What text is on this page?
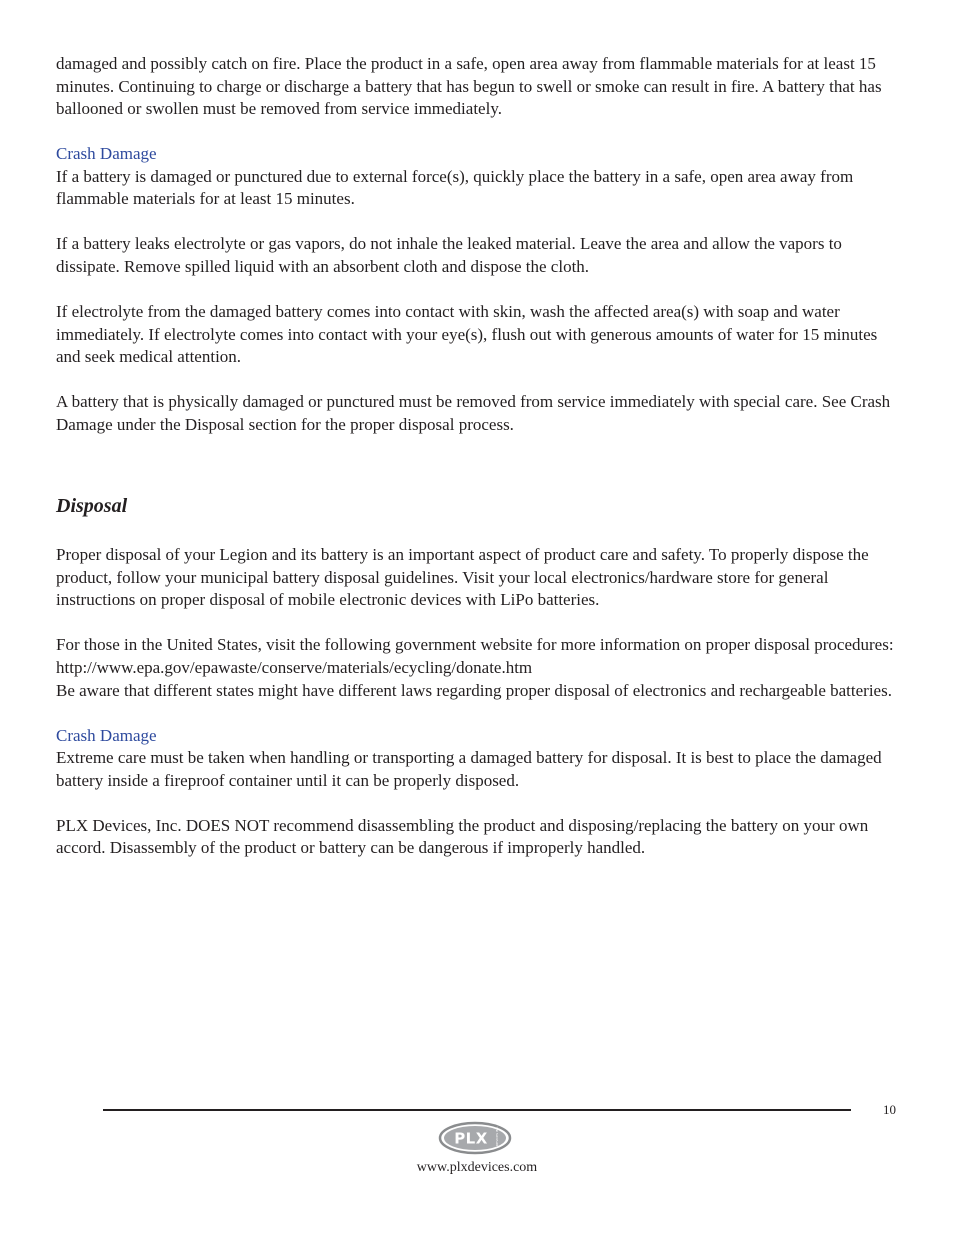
damaged and possibly catch on fire. Place the product in a safe, open area away from flammable materials for at least 15 minutes. Continuing to charge or discharge a battery that has begun to swell or smoke can result in fire. A battery that has ballooned or swollen must be removed from service immediately.

Crash Damage

If a battery is damaged or punctured due to external force(s), quickly place the battery in a safe, open area away from flammable materials for at least 15 minutes.

If a battery leaks electrolyte or gas vapors, do not inhale the leaked material. Leave the area and allow the vapors to dissipate. Remove spilled liquid with an absorbent cloth and dispose the cloth.

If electrolyte from the damaged battery comes into contact with skin, wash the affected area(s) with soap and water immediately. If electrolyte comes into contact with your eye(s), flush out with generous amounts of water for 15 minutes and seek medical attention.

A battery that is physically damaged or punctured must be removed from service immediately with special care. See Crash Damage under the Disposal section for the proper disposal process.

Disposal

Proper disposal of your Legion and its battery is an important aspect of product care and safety. To properly dispose the product, follow your municipal battery disposal guidelines. Visit your local electronics/hardware store for general instructions on proper disposal of mobile electronic devices with LiPo batteries.

For those in the United States, visit the following government website for more information on proper disposal procedures:

http://www.epa.gov/epawaste/conserve/materials/ecycling/donate.htm

Be aware that different states might have different laws regarding proper disposal of electronics and rechargeable batteries.

Crash Damage

Extreme care must be taken when handling or transporting a damaged battery for disposal. It is best to place the damaged battery inside a fireproof container until it can be properly disposed.

PLX Devices, Inc. DOES NOT recommend disassembling the product and disposing/replacing the battery on your own accord. Disassembly of the product or battery can be dangerous if improperly handled.

10
PLX DEVICES INC.
www.plxdevices.com
